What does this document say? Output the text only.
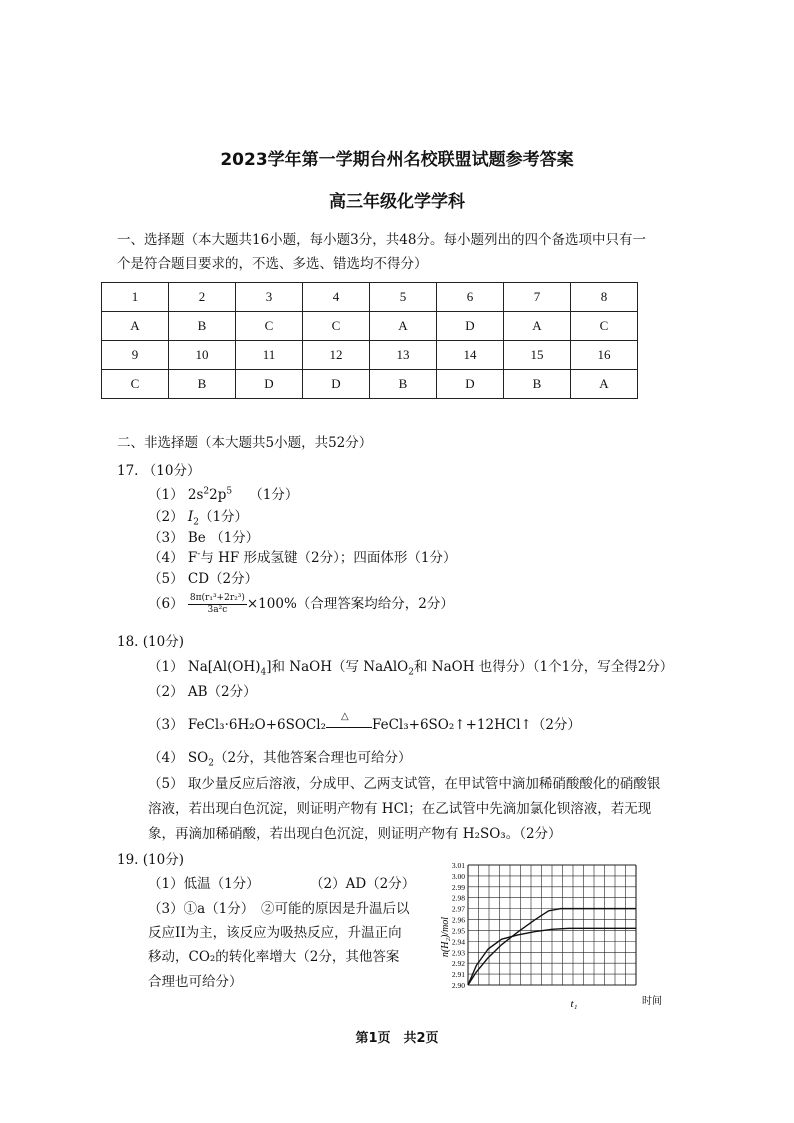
2023学年第一学期台州名校联盟试题参考答案
高三年级化学学科
一、选择题（本大题共16小题，每小题3分，共48分。每小题列出的四个备选项中只有一
个是符合题目要求的，不选、多选、错选均不得分）
1	2	3	4	5	6	7	8
A	B	C	C	A	D	A	C
9	10	11	12	13	14	15	16
C	B	D	D	B	D	B	A
二、非选择题（本大题共5小题，共52分）
17. （10分）
（1） $2s^22p^5$ （1分）
（2） $I_2(1$分）
（3） Be （1分）
（4） F-与 HF 形成氢键（2分）；四面体形（1分）
（5） CD（2分）
$(6) \frac{\text{8π(r₁³+2r₂³)}}{\text{3a²c}} \times 100\%$（合理答案均给分，2分）
18. (10分)
（1） $Na[Al(OH)_4]$和 NaOH（写 NaAlO$_2$和 NaOH 也得分）（1个1分，写全得2分）
（2） AB（2分）
（3） FeCl₃·6H₂O+6SOCl₂
△
FeCl₃+6SO₂↑+12HCl↑（2分）
（4） $SO_2(2$分，其他答案合理也可给分）
（5） 取少量反应后溶液，分成甲、乙两支试管，在甲试管中滴加稀硝酸酸化的硝酸银
溶液，若出现白色沉淀，则证明产物有 HCl；在乙试管中先滴加氯化钡溶液，若无现
象，再滴加稀硝酸，若出现白色沉淀，则证明产物有 H₂SO₃。（2分）
19. (10分)
（1）低温（1分）	（2）AD（2分）
（3）①a（1分）　②可能的原因是升温后以
反应II为主，该反应为吸热反应，升温正向
移动，CO₂的转化率增大（2分，其他答案
合理也可给分）	2.90
2.91
2.92
2.93
2.94
2.95
2.96
2.97
2.98
2.99
3.00
3.01
n(H₂)/mol
时间
t₁
第1页　共2页
